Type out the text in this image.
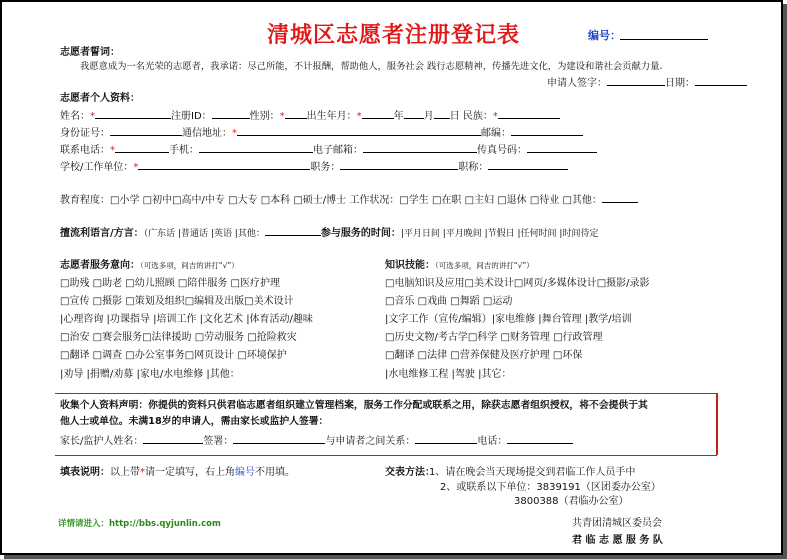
清城区志愿者注册登记表	编号：
志愿者誓词：
我愿意成为一名光荣的志愿者，我承诺：尽己所能，不计报酬，帮助他人，服务社会 践行志愿精神，传播先进文化，为建设和谐社会贡献力量.
申请人签字：	日期：
志愿者个人资料：
姓名：*	注册ID：	性别：* 出生年月：*	年 月 日 民族：*
身份证号：	通信地址：*	邮编：
联系电话：*	手机：	电子邮箱：	传真号码：
学校/工作单位：*	职务：	职称：
教育程度：□小学 □初中□高中/中专 □大专 □本科 □硕士/博士 工作状况：□学生 □在职 □主妇 □退休 □待业 □其他：
擅流利语言/方言：（广东话 |普通话 |英语 |其他：	参与服务的时间：|平月日间 |平月晚间 |节假日 |任何时间 |时间待定
志愿者服务意向：（可选多项，间吉的讲打“√”）
□助残 □助老 □幼儿照顾 □陪伴服务 □医疗护理
□宣传 □摄影 □策划及组织□编辑及出版□美术设计
|心理咨询 |功课指导 |培训工作 |文化艺术 |体育活动/趣味
□治安 □赛会服务□法律援助 □劳动服务 □抢险救灾
□翻译 □调查 □办公室事务□网页设计 □环境保护
|劝导 |捐赠/劝募 |家电/水电维修 |其他：
知识技能：（可选多项，间吉的讲打“√”）
□电脑知识及应用□美术设计□网页/多媒体设计□摄影/录影
□音乐 □戏曲 □舞蹈 □运动
|文字工作（宣传/编辑）|家电维修 |舞台管理 |教学/培训
□历史文物/考古学□科学 □财务管理 □行政管理
□翻译 □法律 □营养保健及医疗护理 □环保
|水电维修工程 |驾驶 |其它：
收集个人资料声明：你提供的资料只供君临志愿者组织建立管理档案，服务工作分配或联系之用，除获志愿者组织授权，将不会提供于其
他人士或单位。未满18岁的申请人，需由家长或监护人签署：
家长/监护人姓名：	签署：	与申请者之间关系：	电话：
填表说明：以上带*请一定填写，右上角编号不用填。	交表方法：
1、请在晚会当天现场提交到君临工作人员手中
2、或联系以下单位：3839191（区团委办公室）
3800388（君临办公室）
详情请进入：http://bbs.qyjunlin.com	共青团清城区委员会
君 临 志 愿 服 务 队
